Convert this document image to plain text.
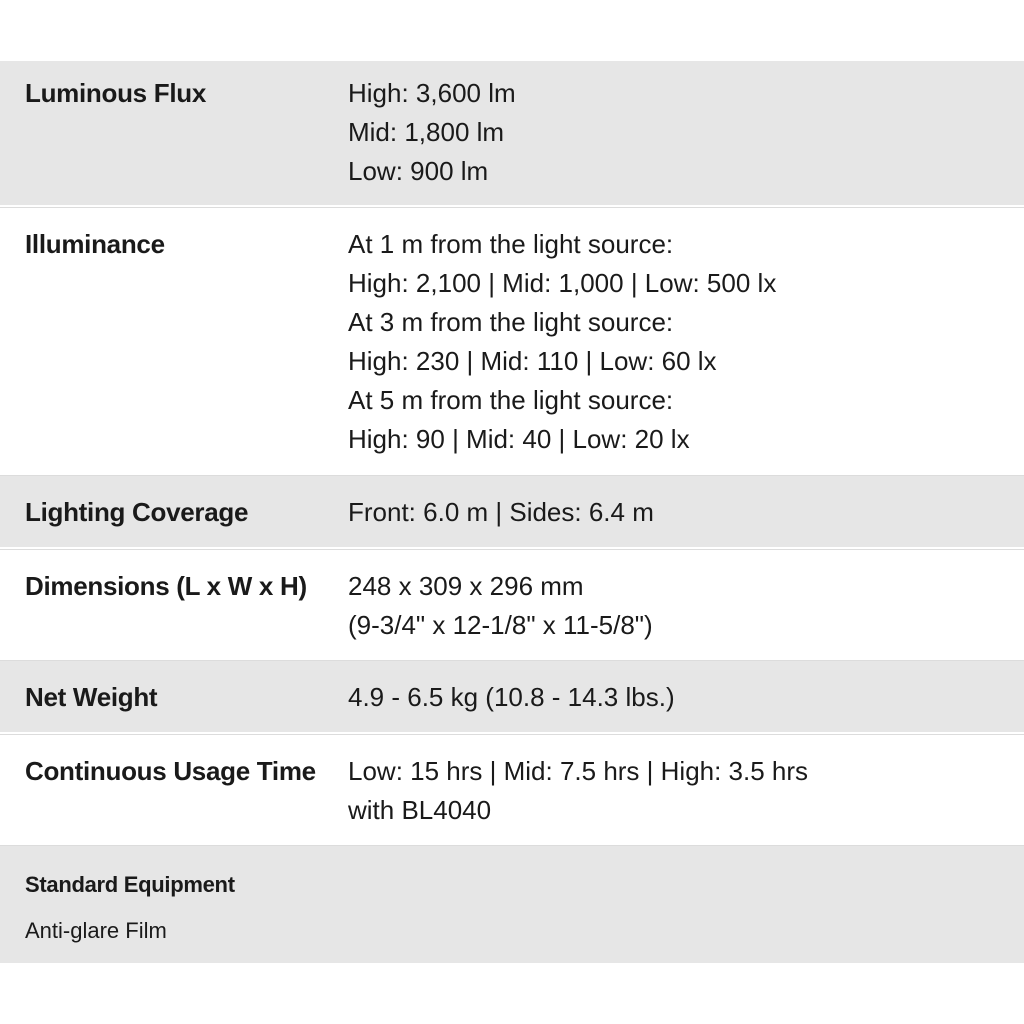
Luminous Flux	High: 3,600 lm
Mid: 1,800 lm
Low: 900 lm
Illuminance	At 1 m from the light source:
High: 2,100 | Mid: 1,000 | Low: 500 lx
At 3 m from the light source:
High: 230 | Mid: 110 | Low: 60 lx
At 5 m from the light source:
High: 90 | Mid: 40 | Low: 20 lx
Lighting Coverage	Front: 6.0 m | Sides: 6.4 m
Dimensions (L x W x H)	248 x 309 x 296 mm
(9-3/4" x 12-1/8" x 11-5/8")
Net Weight	4.9 - 6.5 kg (10.8 - 14.3 lbs.)
Continuous Usage Time	Low: 15 hrs | Mid: 7.5 hrs | High: 3.5 hrs
with BL4040
Standard Equipment
Anti-glare Film
